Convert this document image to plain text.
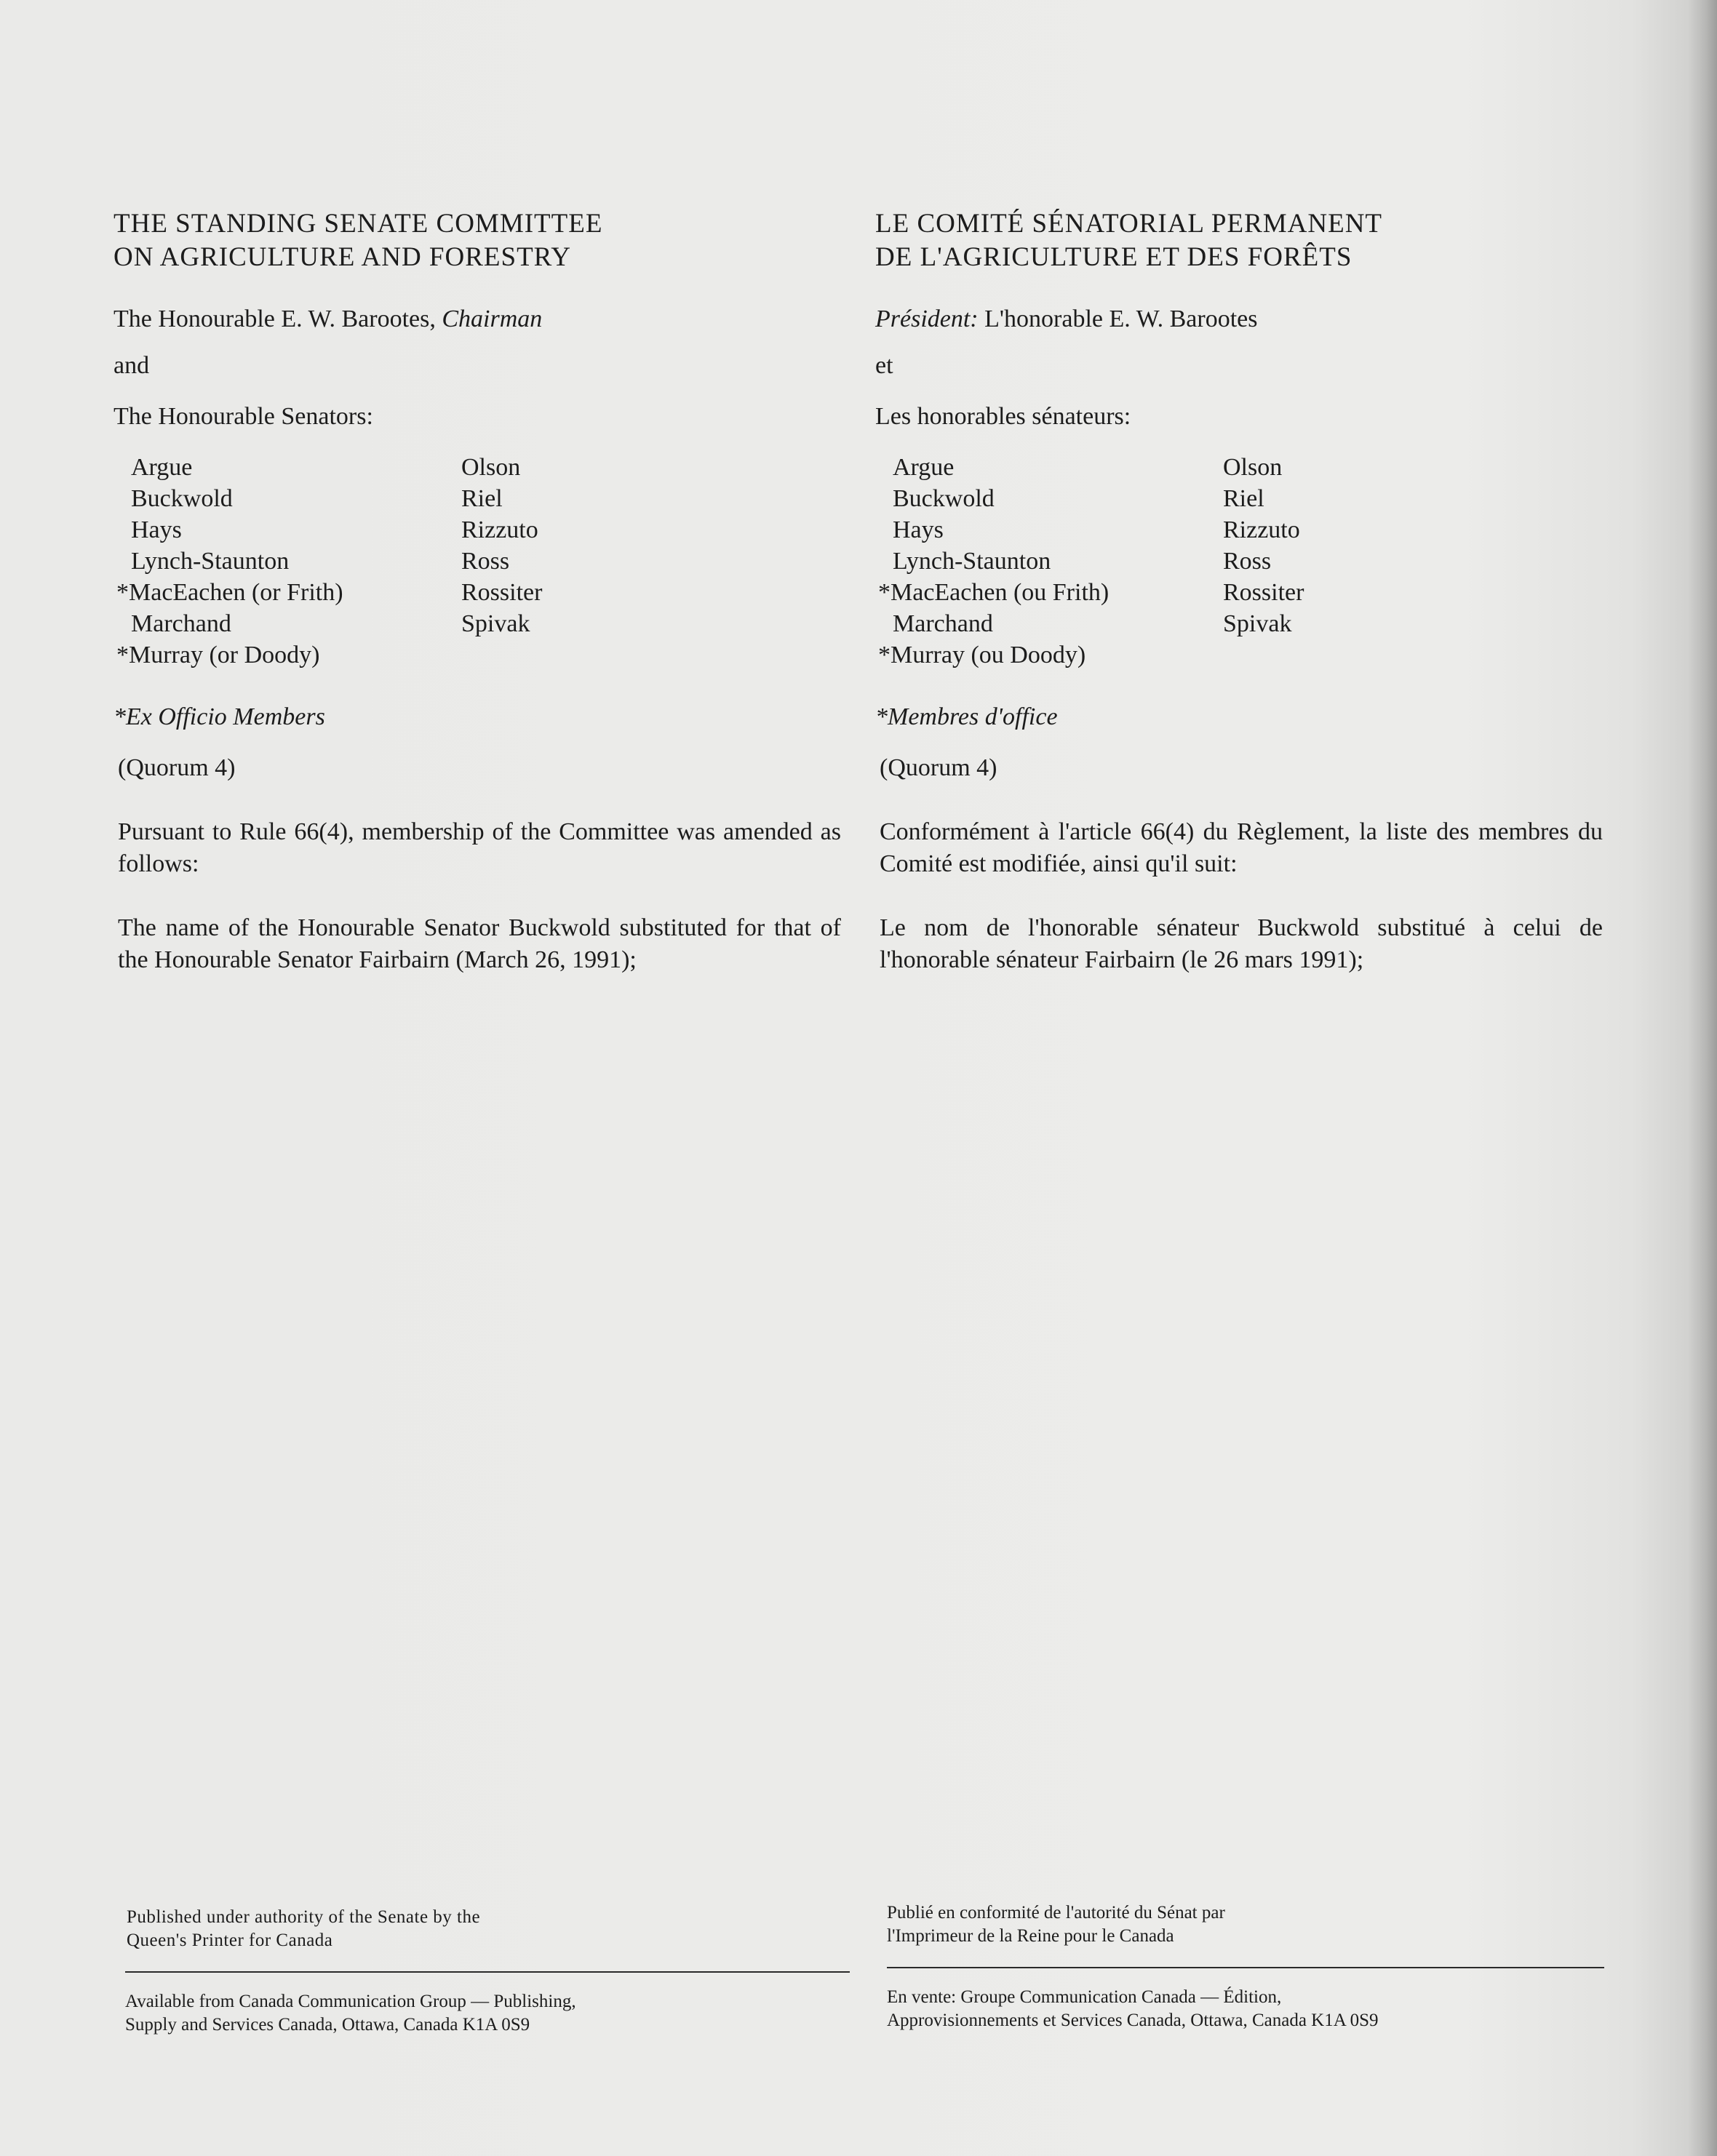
THE STANDING SENATE COMMITTEE
ON AGRICULTURE AND FORESTRY

The Honourable E. W. Barootes, Chairman

and

The Honourable Senators:

Argue
Buckwold
Hays
Lynch-Staunton
*MacEachen (or Frith)
Marchand
*Murray (or Doody)
Olson
Riel
Rizzuto
Ross
Rossiter
Spivak

*Ex Officio Members

(Quorum 4)

Pursuant to Rule 66(4), membership of the Committee was amended as follows:

The name of the Honourable Senator Buckwold substituted for that of the Honourable Senator Fairbairn (March 26, 1991);

LE COMITÉ SÉNATORIAL PERMANENT
DE L'AGRICULTURE ET DES FORÊTS

Président: L'honorable E. W. Barootes

et

Les honorables sénateurs:

Argue
Buckwold
Hays
Lynch-Staunton
*MacEachen (ou Frith)
Marchand
*Murray (ou Doody)
Olson
Riel
Rizzuto
Ross
Rossiter
Spivak

*Membres d'office

(Quorum 4)

Conformément à l'article 66(4) du Règlement, la liste des membres du Comité est modifiée, ainsi qu'il suit:

Le nom de l'honorable sénateur Buckwold substitué à celui de l'honorable sénateur Fairbairn (le 26 mars 1991);

Published under authority of the Senate by the
Queen's Printer for Canada
Available from Canada Communication Group — Publishing,
Supply and Services Canada, Ottawa, Canada K1A 0S9
Publié en conformité de l'autorité du Sénat par
l'Imprimeur de la Reine pour le Canada
En vente: Groupe Communication Canada — Édition,
Approvisionnements et Services Canada, Ottawa, Canada K1A 0S9
